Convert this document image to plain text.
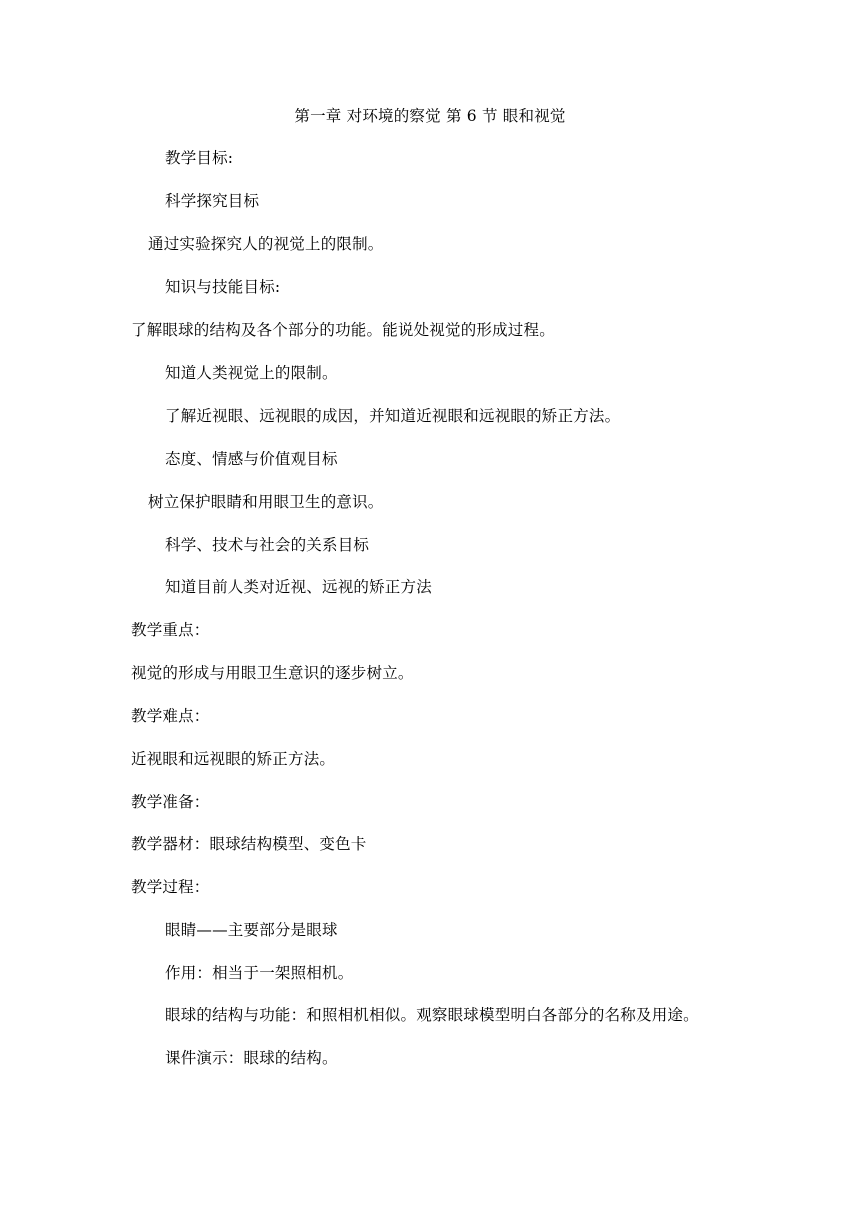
第一章 对环境的察觉 第 6 节 眼和视觉
教学目标:
科学探究目标
通过实验探究人的视觉上的限制。
知识与技能目标:
了解眼球的结构及各个部分的功能。能说处视觉的形成过程。
知道人类视觉上的限制。
了解近视眼、远视眼的成因，并知道近视眼和远视眼的矫正方法。
态度、情感与价值观目标
树立保护眼睛和用眼卫生的意识。
科学、技术与社会的关系目标
知道目前人类对近视、远视的矫正方法
教学重点：
视觉的形成与用眼卫生意识的逐步树立。
教学难点：
近视眼和远视眼的矫正方法。
教学准备：
教学器材：眼球结构模型、变色卡
教学过程：
眼睛——主要部分是眼球
作用：相当于一架照相机。
眼球的结构与功能：和照相机相似。观察眼球模型明白各部分的名称及用途。
课件演示：眼球的结构。
